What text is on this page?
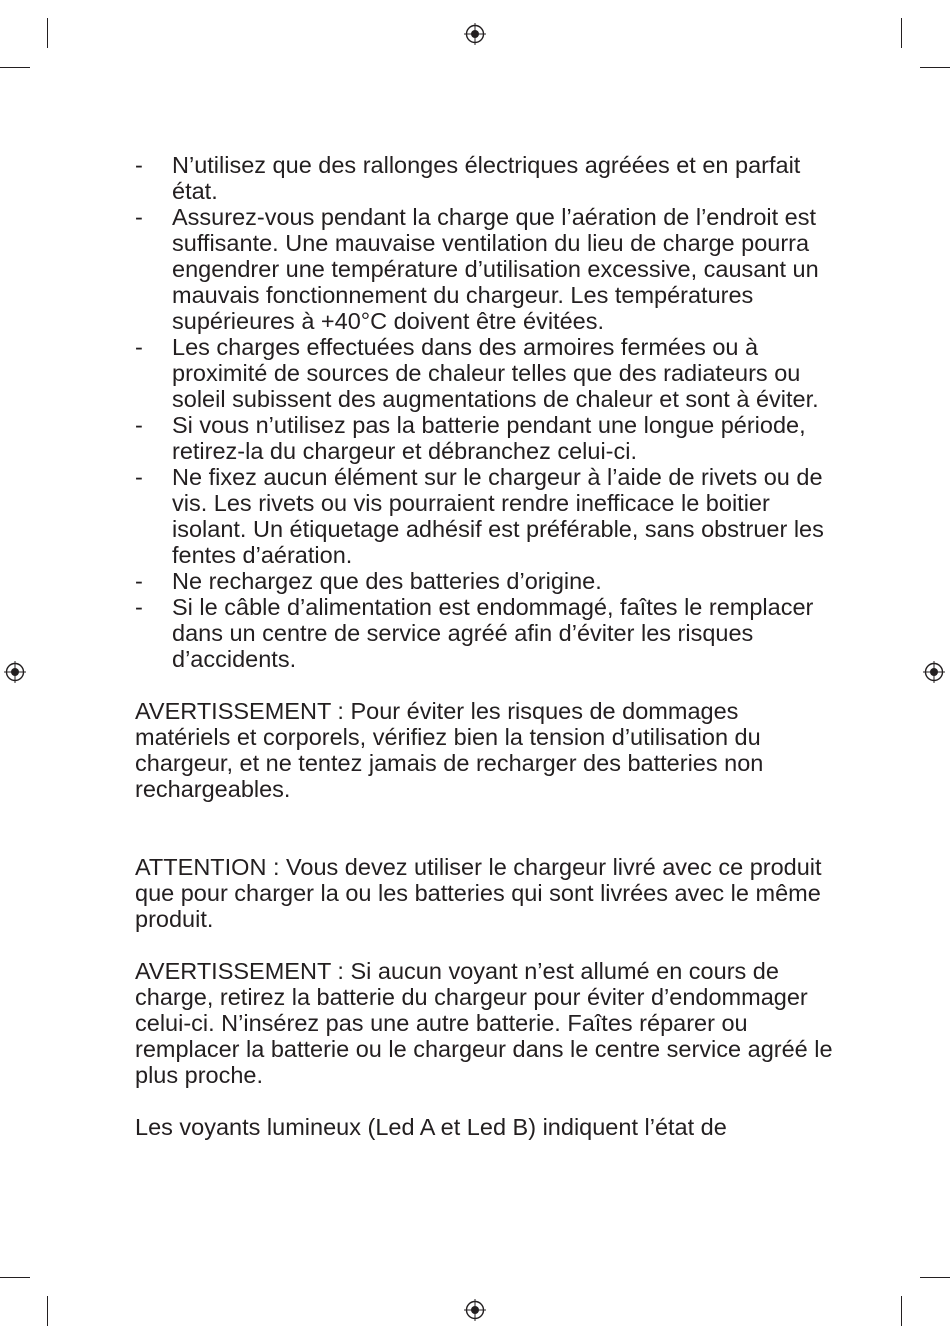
- N’utilisez que des rallonges électriques agréées et en parfait état.
- Assurez-vous pendant la charge que l’aération de l’endroit est suffisante. Une mauvaise ventilation du lieu de charge pourra engendrer une température d’utilisation excessive, causant un mauvais fonctionnement du chargeur. Les températures supérieures à +40°C doivent être évitées.
- Les charges effectuées dans des armoires fermées ou à proximité de sources de chaleur telles que des radiateurs ou soleil subissent des augmentations de chaleur et sont à éviter.
- Si vous n’utilisez pas la batterie pendant une longue période, retirez-la du chargeur et débranchez celui-ci.
- Ne fixez aucun élément sur le chargeur à l’aide de rivets ou de vis. Les rivets ou vis pourraient rendre inefficace le boitier isolant. Un étiquetage adhésif est préférable, sans obstruer les fentes d’aération.
- Ne rechargez que des batteries d’origine.
- Si le câble d’alimentation est endommagé, faîtes le remplacer dans un centre de service agréé afin d’éviter les risques d’accidents.

AVERTISSEMENT : Pour éviter les risques de dommages matériels et corporels, vérifiez bien la tension d’utilisation du chargeur, et ne tentez jamais de recharger des batteries non rechargeables.

ATTENTION : Vous devez utiliser le chargeur livré avec ce produit que pour charger la ou les batteries qui sont livrées avec le même produit.

AVERTISSEMENT : Si aucun voyant n’est allumé en cours de charge, retirez la batterie du chargeur pour éviter d’endommager celui-ci. N’insérez pas une autre batterie. Faîtes réparer ou remplacer la batterie ou le chargeur dans le centre service agréé le plus proche.

Les voyants lumineux (Led A et Led B) indiquent l’état de
